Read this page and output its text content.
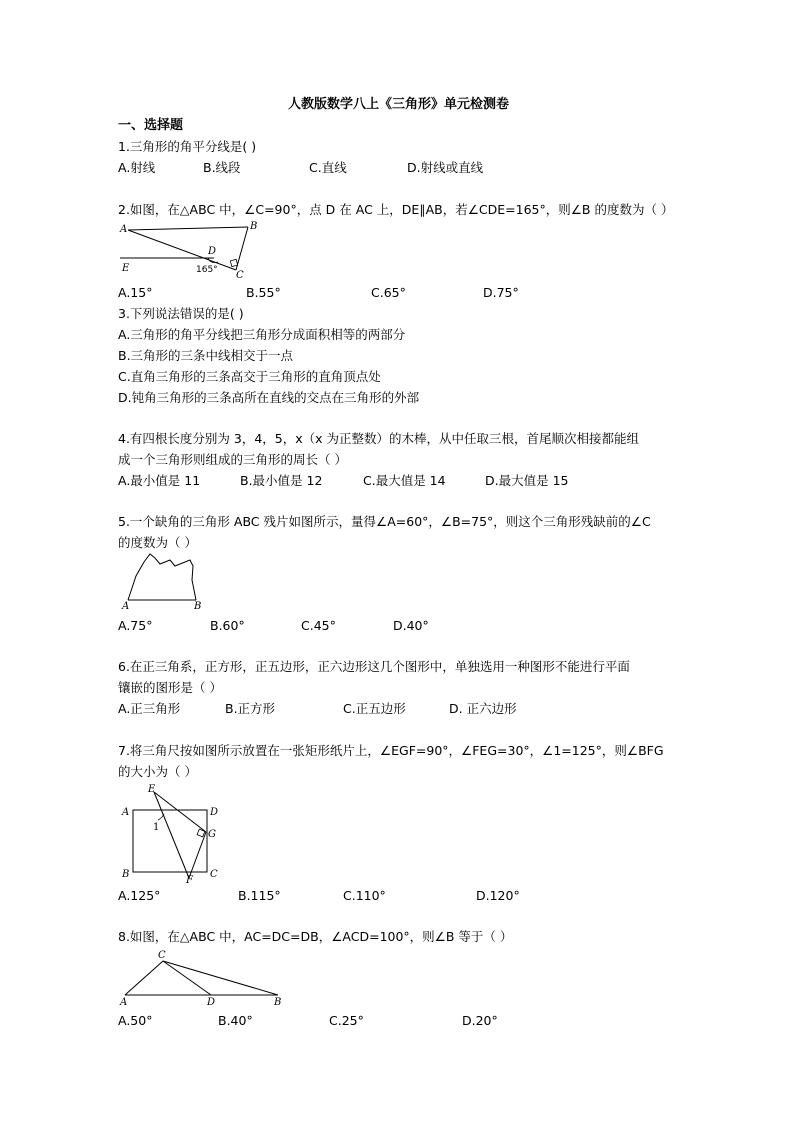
人教版数学八上《三角形》单元检测卷
一、选择题
1.三角形的角平分线是( )
A.射线	B.线段	C.直线	D.射线或直线
2.如图，在△ABC 中，∠C=90°，点 D 在 AC 上，DE∥AB，若∠CDE=165°，则∠B 的度数为（ ）
A	B
D
E
C
165°
A.15°	B.55°	C.65°	D.75°
3.下列说法错误的是( )
A.三角形的角平分线把三角形分成面积相等的两部分
B.三角形的三条中线相交于一点
C.直角三角形的三条高交于三角形的直角顶点处
D.钝角三角形的三条高所在直线的交点在三角形的外部
4.有四根长度分别为 3，4，5，x（x 为正整数）的木棒，从中任取三根，首尾顺次相接都能组
成一个三角形则组成的三角形的周长（ ）
A.最小值是 11	B.最小值是 12	C.最大值是 14	D.最大值是 15
5.一个缺角的三角形 ABC 残片如图所示，量得∠A=60°，∠B=75°，则这个三角形残缺前的∠C
的度数为（ ）
A	B
A.75°	B.60°	C.45°	D.40°
6.在正三角系，正方形，正五边形，正六边形这几个图形中，单独选用一种图形不能进行平面
镶嵌的图形是（ ）
A.正三角形	B.正方形	C.正五边形	D. 正六边形
7.将三角尺按如图所示放置在一张矩形纸片上，∠EGF=90°，∠FEG=30°，∠1=125°，则∠BFG
的大小为（ ）
E
A	D
G
1
B	C
F
A.125°	B.115°	C.110°	D.120°
8.如图，在△ABC 中，AC=DC=DB，∠ACD=100°，则∠B 等于（ ）
C
A	D	B
A.50°	B.40°	C.25°	D.20°
